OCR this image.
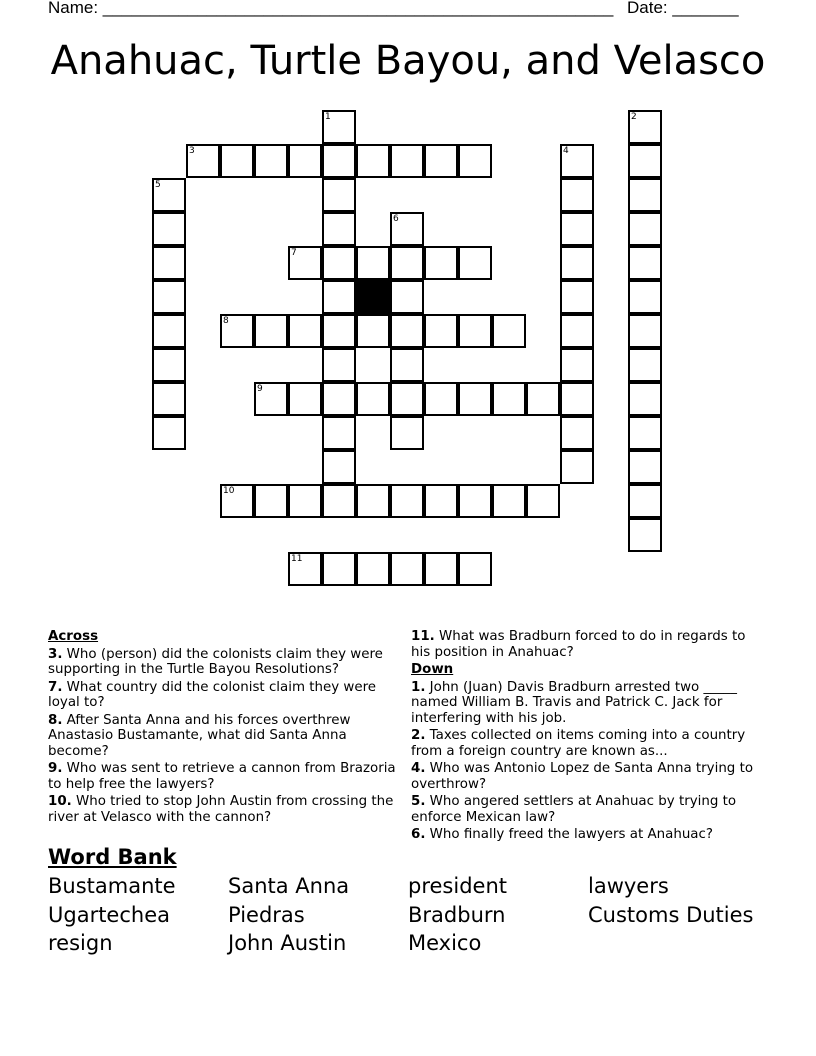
Name: ______________________________________________________ Date: _______
Anahuac, Turtle Bayou, and Velasco
1	2
3	4
5
6
7
8
9
10
11
Across
3. Who (person) did the colonists claim they were supporting in the Turtle Bayou Resolutions?
7. What country did the colonist claim they were loyal to?
8. After Santa Anna and his forces overthrew Anastasio Bustamante, what did Santa Anna become?
9. Who was sent to retrieve a cannon from Brazoria to help free the lawyers?
10. Who tried to stop John Austin from crossing the river at Velasco with the cannon?
11. What was Bradburn forced to do in regards to his position in Anahuac?
Down
1. John (Juan) Davis Bradburn arrested two _____ named William B. Travis and Patrick C. Jack for interfering with his job.
2. Taxes collected on items coming into a country from a foreign country are known as...
4. Who was Antonio Lopez de Santa Anna trying to overthrow?
5. Who angered settlers at Anahuac by trying to enforce Mexican law?
6. Who finally freed the lawyers at Anahuac?
Word Bank
Bustamante	Santa Anna	president	lawyers
Ugartechea	Piedras	Bradburn	Customs Duties
resign	John Austin	Mexico
